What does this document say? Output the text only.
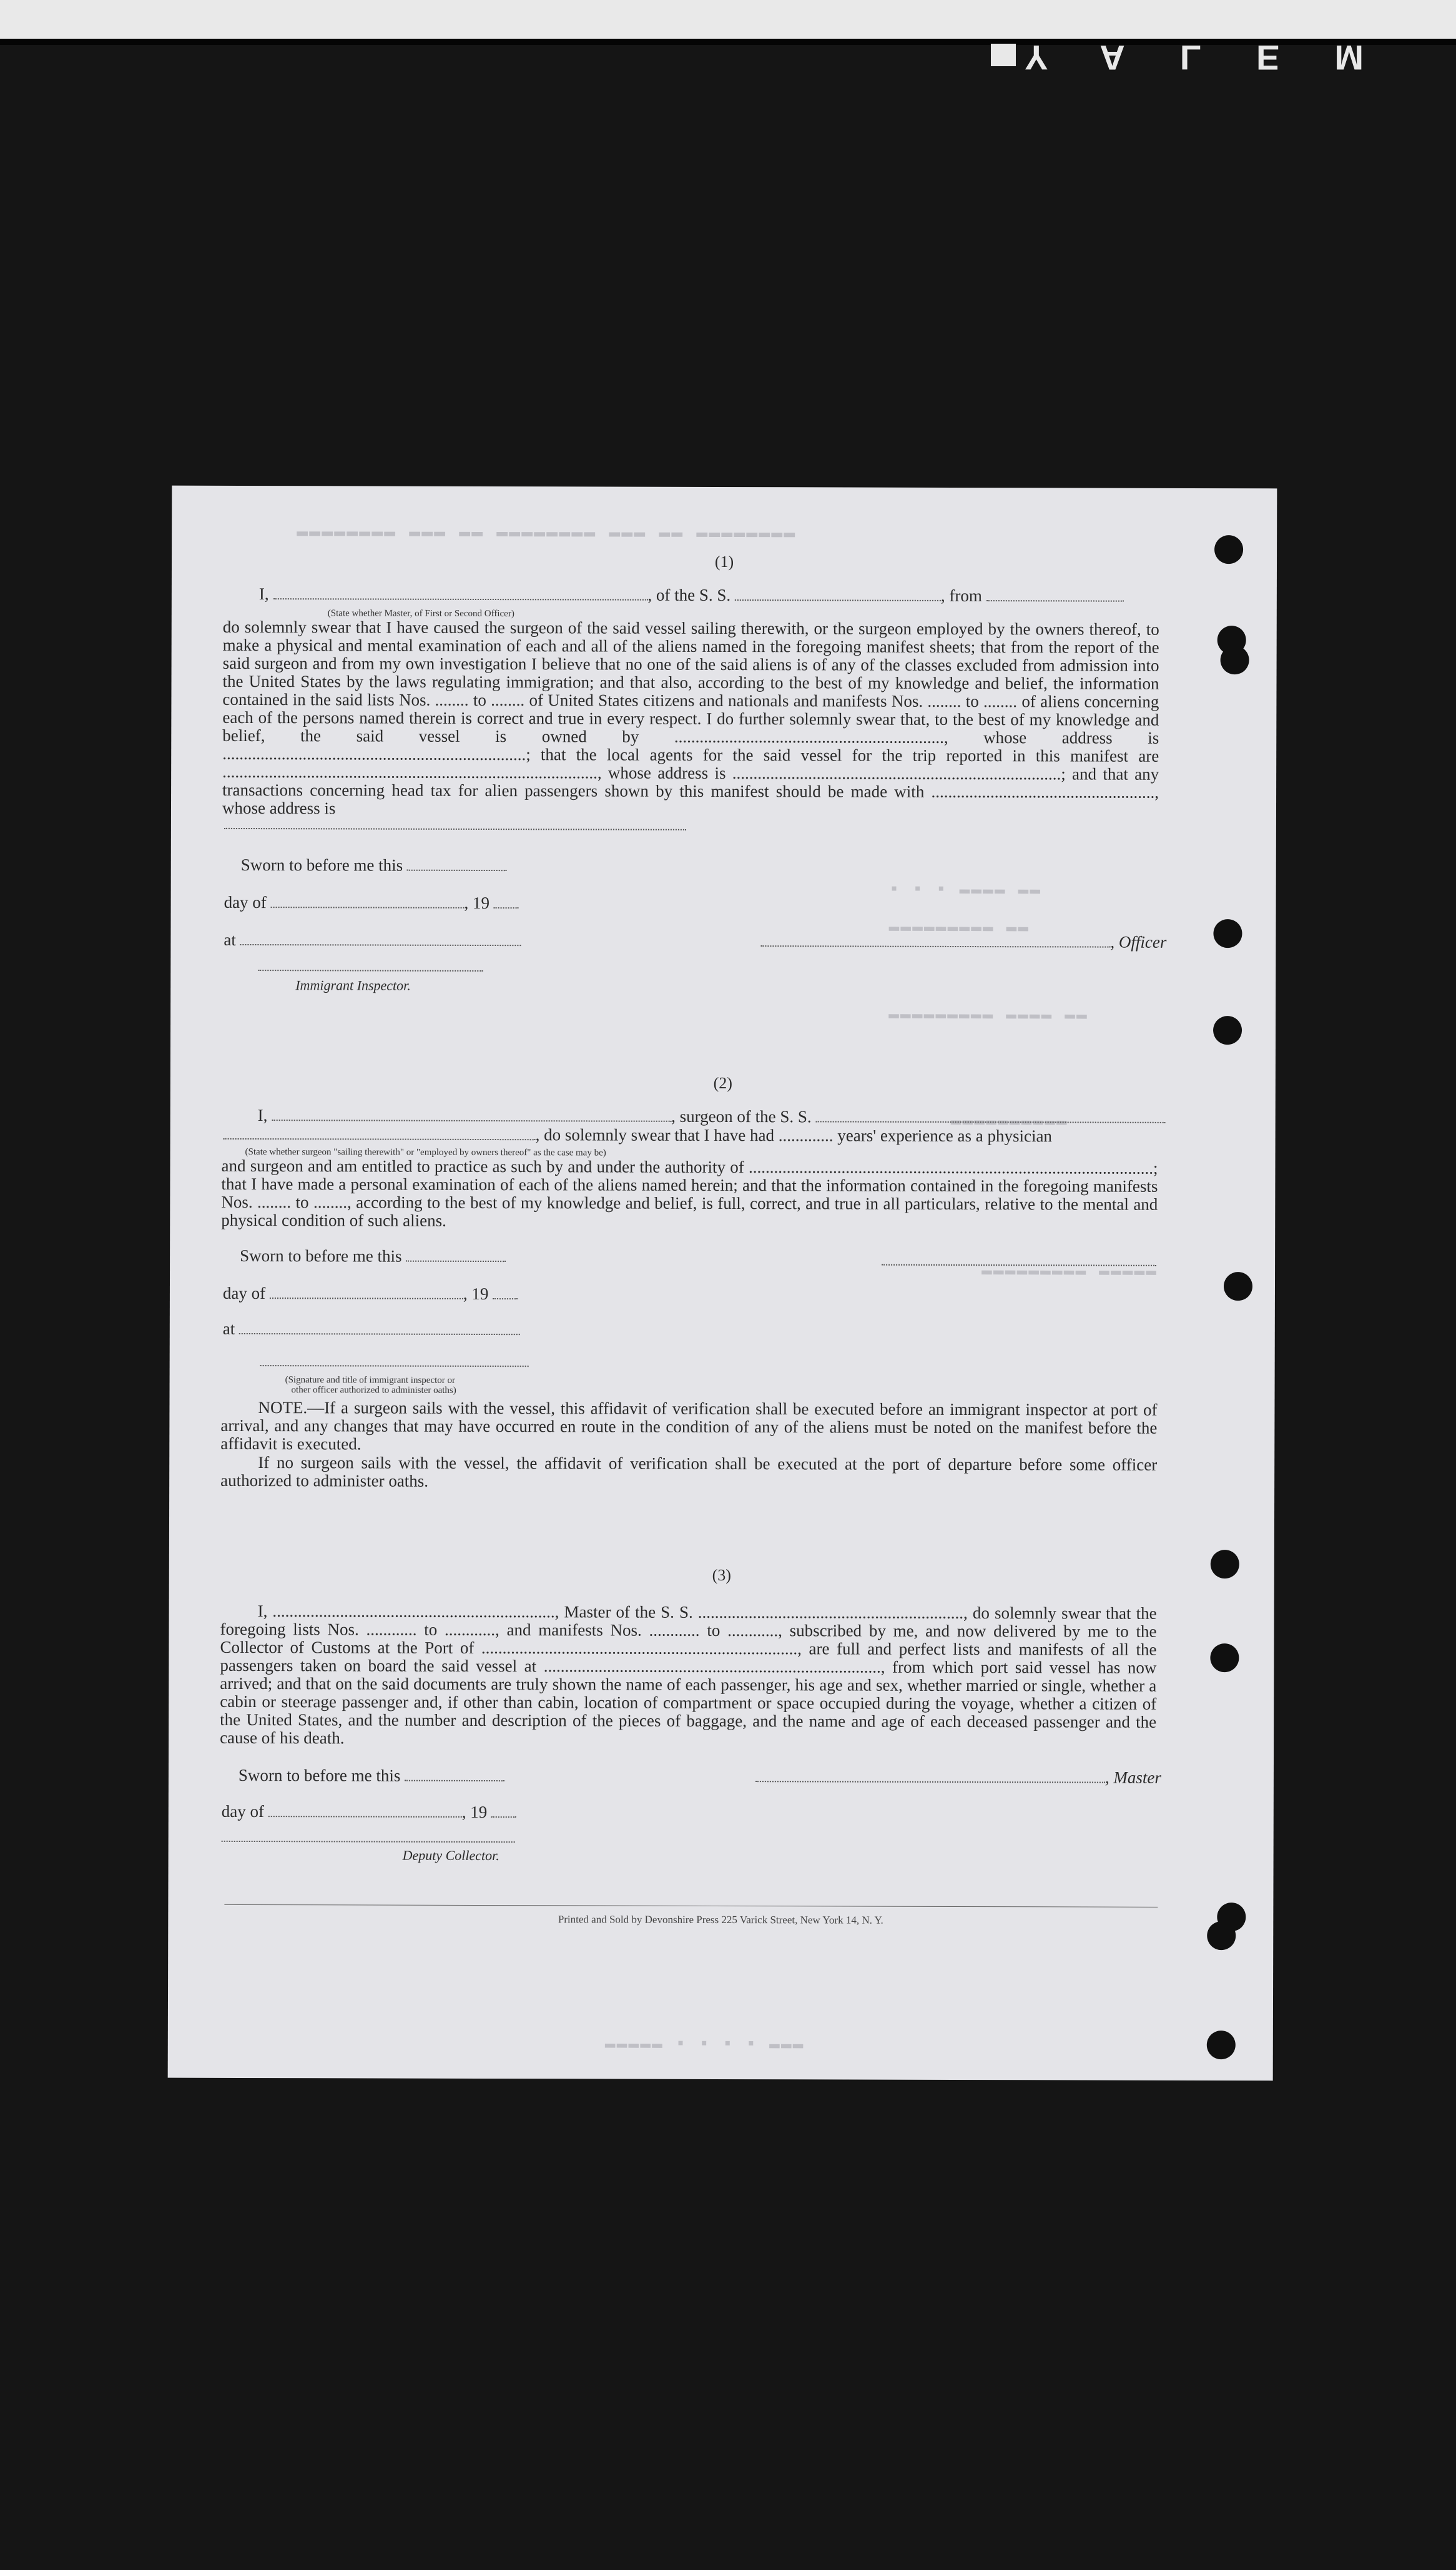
YALEM
▬▬▬▬▬▬▬▬ ▬▬▬ ▬▬ ▬▬▬▬▬▬▬▬ ▬▬▬ ▬▬ ▬▬▬▬▬▬▬▬
▪ ▪ ▪ ▬▬▬▬ ▬▬
▬▬▬▬▬▬▬▬▬ ▬▬
▬▬▬▬▬▬▬▬▬ ▬▬▬▬ ▬▬
▬▬▬▬▬▬▬▬▬▬
▬▬▬▬▬▬▬▬▬ ▬▬▬▬▬
▬▬▬▬▬ ▪ ▪ ▪ ▪ ▬▬▬
(1)
I,	, of the S. S.	, from
(State whether Master, of First or Second Officer)
do solemnly swear that I have caused the surgeon of the said vessel sailing therewith, or the surgeon employed by the owners thereof, to make a physical and mental examination of each and all of the aliens named in the foregoing manifest sheets; that from the report of the said surgeon and from my own investigation I believe that no one of the said aliens is of any of the classes excluded from admission into the United States by the laws regulating immigration; and that also, according to the best of my knowledge and belief, the information contained in the said lists Nos. ........ to ........ of United States citizens and nationals and manifests Nos. ........ to ........ of aliens concerning each of the persons named therein is correct and true in every respect. I do further solemnly swear that, to the best of my knowledge and belief, the said vessel is owned by ................................................................, whose address is ........................................................................; that the local agents for the said vessel for the trip reported in this manifest are ........................................................................................., whose address is ..............................................................................; and that any transactions concerning head tax for alien passengers shown by this manifest should be made with ....................................................., whose address is
Sworn to before me this
day of	, 19
at	, Officer
Immigrant Inspector.
(2)
I,	, surgeon of the S. S.
, do solemnly swear that I have had ............. years' experience as a physician
(State whether surgeon "sailing therewith" or "employed by owners thereof" as the case may be)
and surgeon and am entitled to practice as such by and under the authority of ................................................................................................; that I have made a personal examination of each of the aliens named herein; and that the information contained in the foregoing manifests Nos. ........ to ........, according to the best of my knowledge and belief, is full, correct, and true in all particulars, relative to the mental and physical condition of such aliens.
Sworn to before me this
day of	, 19
at
(Signature and title of immigrant inspector or
other officer authorized to administer oaths)
NOTE.—If a surgeon sails with the vessel, this affidavit of verification shall be executed before an immigrant inspector at port of arrival, and any changes that may have occurred en route in the condition of any of the aliens must be noted on the manifest before the affidavit is executed.
If no surgeon sails with the vessel, the affidavit of verification shall be executed at the port of departure before some officer authorized to administer oaths.
(3)
I, ..................................................................., Master of the S. S. ..............................................................., do solemnly swear that the foregoing lists Nos. ............ to ............, and manifests Nos. ............ to ............, subscribed by me, and now delivered by me to the Collector of Customs at the Port of ..........................................................................., are full and perfect lists and manifests of all the passengers taken on board the said vessel at ................................................................................, from which port said vessel has now arrived; and that on the said documents are truly shown the name of each passenger, his age and sex, whether married or single, whether a cabin or steerage passenger and, if other than cabin, location of compartment or space occupied during the voyage, whether a citizen of the United States, and the number and description of the pieces of baggage, and the name and age of each deceased passenger and the cause of his death.
Sworn to before me this	, Master
day of	, 19
Deputy Collector.
Printed and Sold by Devonshire Press 225 Varick Street, New York 14, N. Y.
